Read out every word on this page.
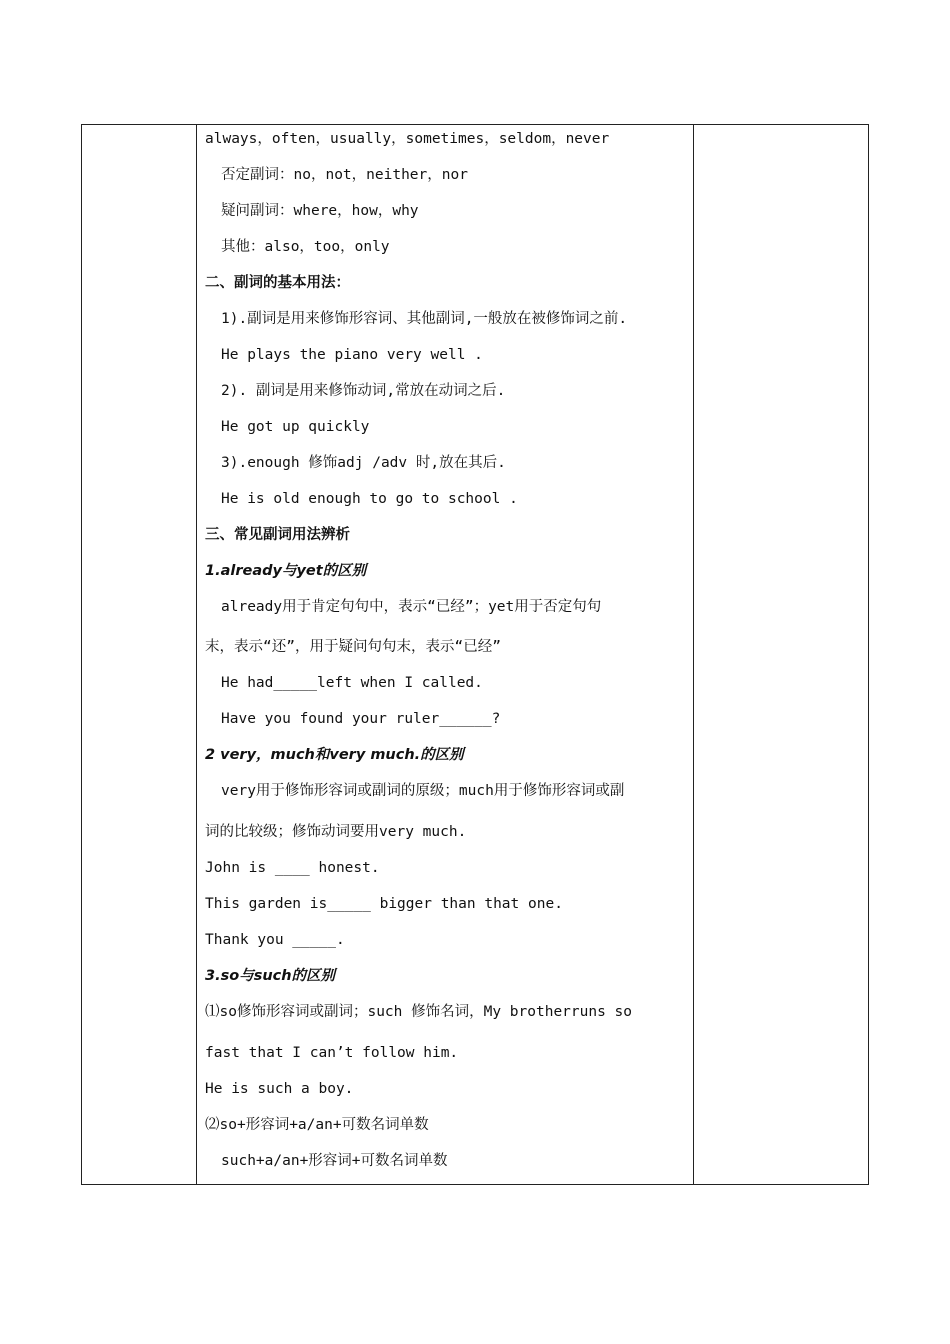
always，often，usually，sometimes，seldom，never
否定副词：no，not，neither，nor
疑问副词：where，how，why
其他：also，too，only
二、副词的基本用法：
1).副词是用来修饰形容词、其他副词,一般放在被修饰词之前.
He plays the piano very well .
2). 副词是用来修饰动词,常放在动词之后.
He got up quickly
3).enough 修饰adj /adv 时,放在其后.
He is old enough to go to school .
三、常见副词用法辨析
1.already与yet的区别
already用于肯定句句中，表示“已经”；yet用于否定句句
末，表示“还”，用于疑问句句末，表示“已经”
He had_____left when I called.
Have you found your ruler______?
2 very，much和very much.的区别
very用于修饰形容词或副词的原级；much用于修饰形容词或副
词的比较级；修饰动词要用very much.
John is ____ honest.
This garden is_____ bigger than that one.
Thank you _____.
3.so与such的区别
⑴so修饰形容词或副词；such 修饰名词，My brotherruns so
fast that I can’t follow him.
He is such a boy.
⑵so+形容词+a/an+可数名词单数
such+a/an+形容词+可数名词单数
